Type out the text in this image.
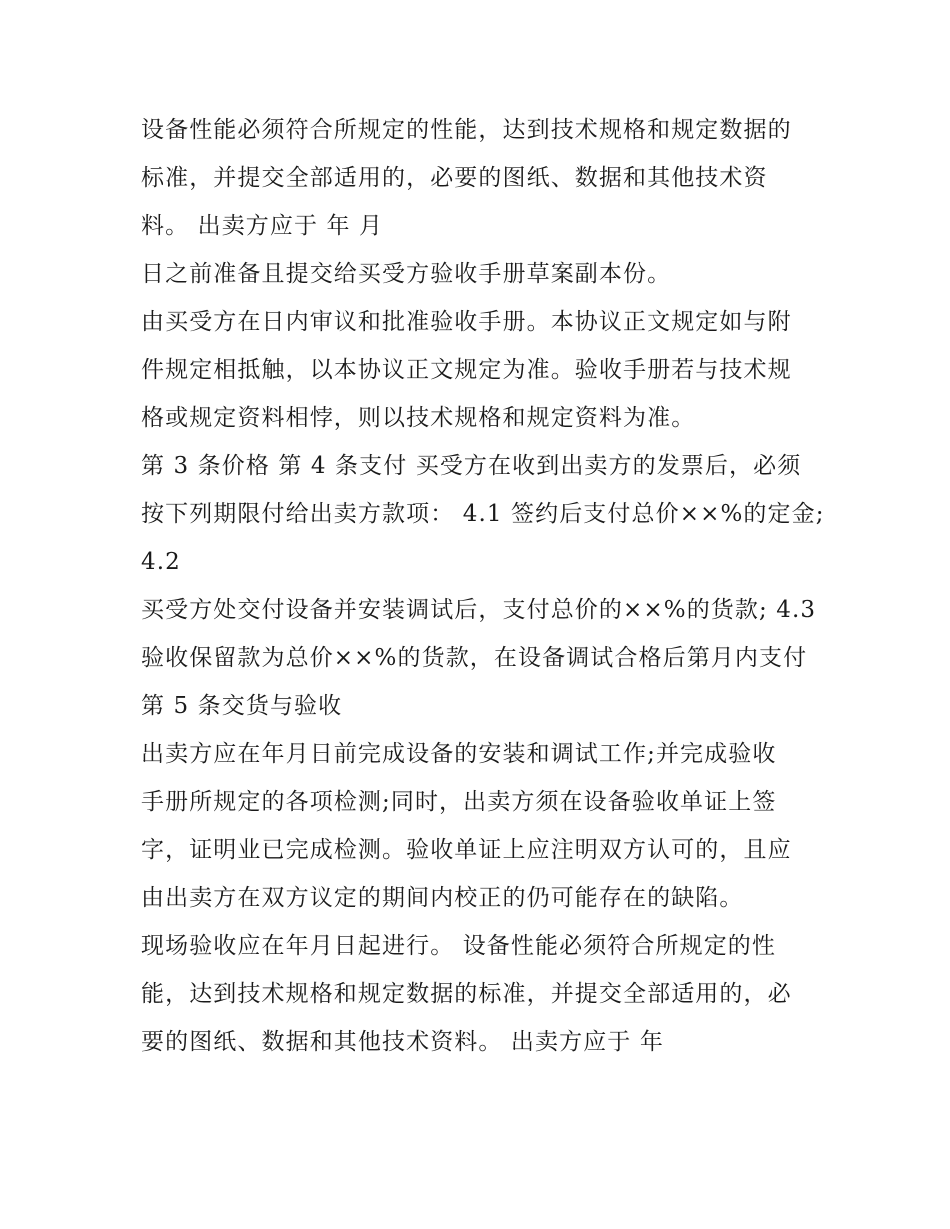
设备性能必须符合所规定的性能，达到技术规格和规定数据的
标准，并提交全部适用的，必要的图纸、数据和其他技术资
料。 出卖方应于 年 月
日之前准备且提交给买受方验收手册草案副本份。
由买受方在日内审议和批准验收手册。本协议正文规定如与附
件规定相抵触，以本协议正文规定为准。验收手册若与技术规
格或规定资料相悖，则以技术规格和规定资料为准。
第 3 条价格 第 4 条支付 买受方在收到出卖方的发票后，必须
按下列期限付给出卖方款项： 4.1 签约后支付总价××%的定金;
4.2
买受方处交付设备并安装调试后，支付总价的××%的货款; 4.3
验收保留款为总价××%的货款，在设备调试合格后第月内支付
第 5 条交货与验收
出卖方应在年月日前完成设备的安装和调试工作;并完成验收
手册所规定的各项检测;同时，出卖方须在设备验收单证上签
字，证明业已完成检测。验收单证上应注明双方认可的，且应
由出卖方在双方议定的期间内校正的仍可能存在的缺陷。
现场验收应在年月日起进行。 设备性能必须符合所规定的性
能，达到技术规格和规定数据的标准，并提交全部适用的，必
要的图纸、数据和其他技术资料。 出卖方应于 年
